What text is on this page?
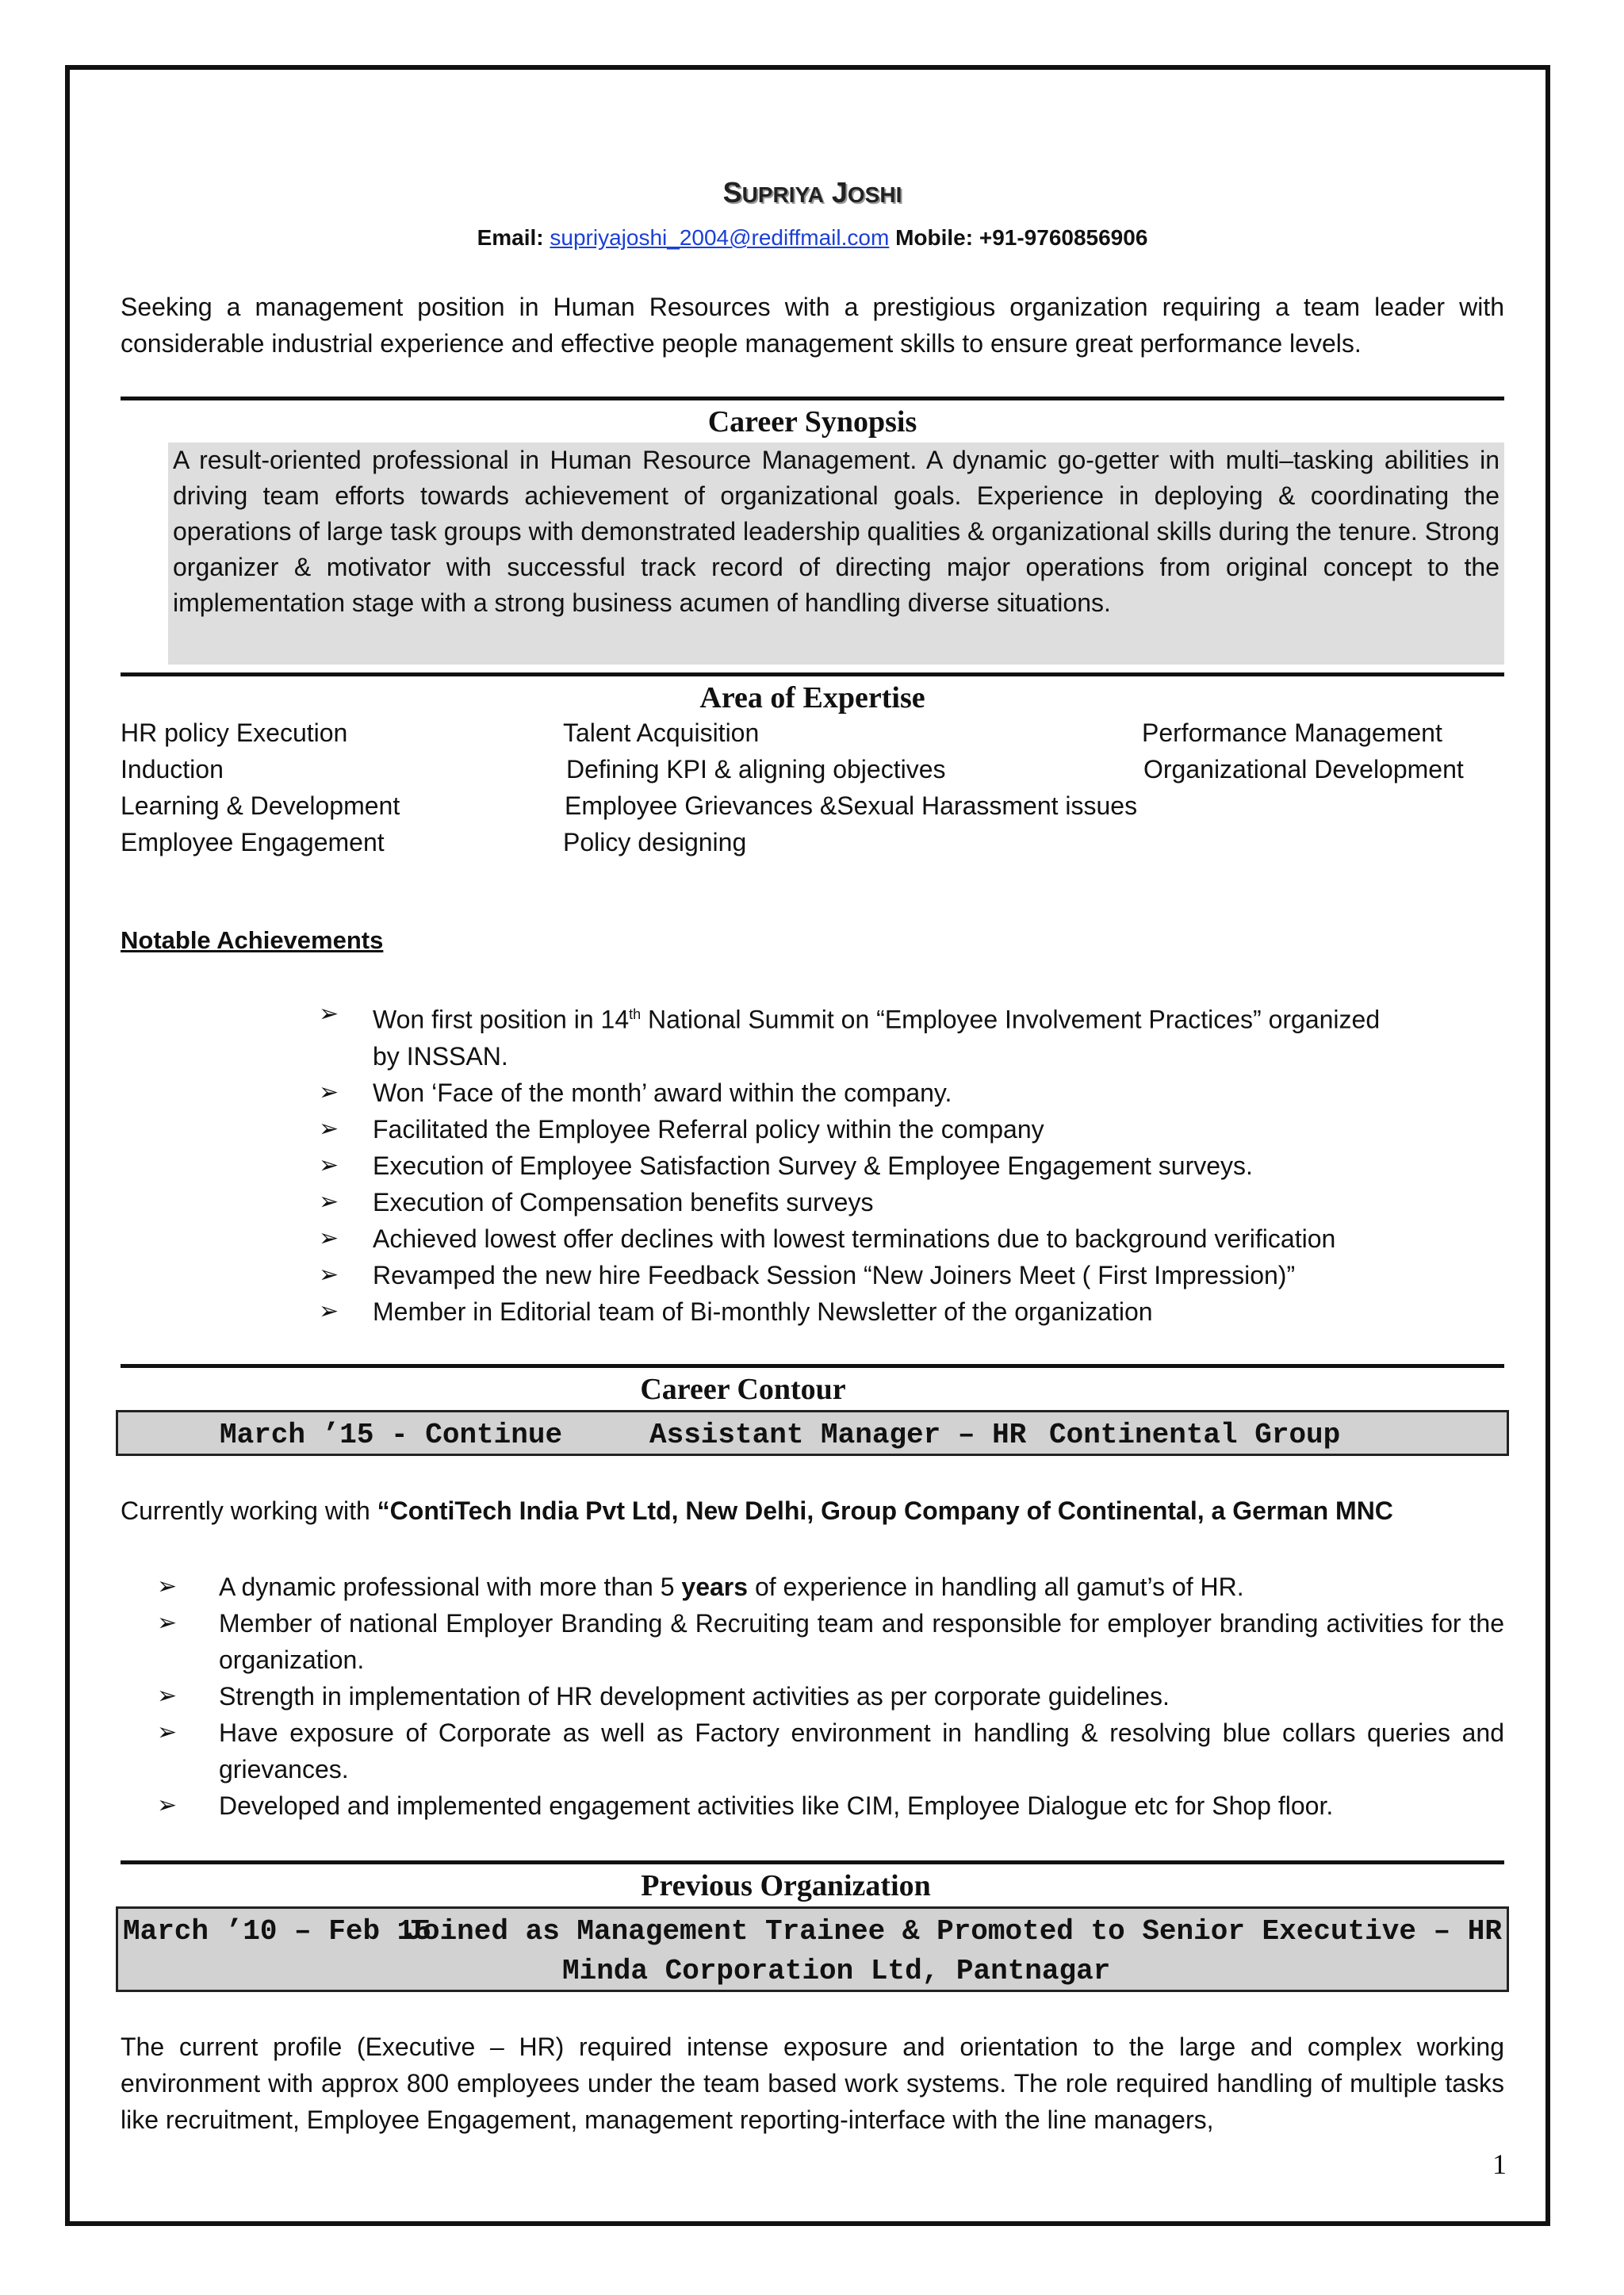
SUPRIYA JOSHI
Email: supriyajoshi_2004@rediffmail.com Mobile: +91-9760856906
Seeking a management position in Human Resources with a prestigious organization requiring a team leader with considerable industrial experience and effective people management skills to ensure great performance levels.
Career Synopsis
A result-oriented professional in Human Resource Management. A dynamic go-getter with multi–tasking abilities in driving team efforts towards achievement of organizational goals. Experience in deploying & coordinating the operations of large task groups with demonstrated leadership qualities & organizational skills during the tenure. Strong organizer & motivator with successful track record of directing major operations from original concept to the implementation stage with a strong business acumen of handling diverse situations.
Area of Expertise
HR policy Execution	Talent Acquisition	Performance Management
Induction	Defining KPI & aligning objectives	Organizational Development
Learning & Development	Employee Grievances &Sexual Harassment issues
Employee Engagement	Policy designing
Notable Achievements
➢ Won first position in 14th National Summit on “Employee Involvement Practices” organized by INSSAN.
➢ Won ‘Face of the month’ award within the company.
➢ Facilitated the Employee Referral policy within the company
➢ Execution of Employee Satisfaction Survey & Employee Engagement surveys.
➢ Execution of Compensation benefits surveys
➢ Achieved lowest offer declines with lowest terminations due to background verification
➢ Revamped the new hire Feedback Session “New Joiners Meet ( First Impression)”
➢ Member in Editorial team of Bi-monthly Newsletter of the organization
Career Contour
March ’15 - Continue	Assistant Manager – HR Continental Group
Currently working with “ContiTech India Pvt Ltd, New Delhi, Group Company of Continental, a German MNC
➢ A dynamic professional with more than 5 years of experience in handling all gamut’s of HR.
➢ Member of national Employer Branding & Recruiting team and responsible for employer branding activities for the organization.
➢ Strength in implementation of HR development activities as per corporate guidelines.
➢ Have exposure of Corporate as well as Factory environment in handling & resolving blue collars queries and grievances.
➢ Developed and implemented engagement activities like CIM, Employee Dialogue etc for Shop floor.
Previous Organization
March ’10 – Feb 15
Joined as Management Trainee & Promoted to Senior Executive – HR
Minda Corporation Ltd, Pantnagar
The current profile (Executive – HR) required intense exposure and orientation to the large and complex working environment with approx 800 employees under the team based work systems. The role required handling of multiple tasks like recruitment, Employee Engagement, management reporting-interface with the line managers,
1
